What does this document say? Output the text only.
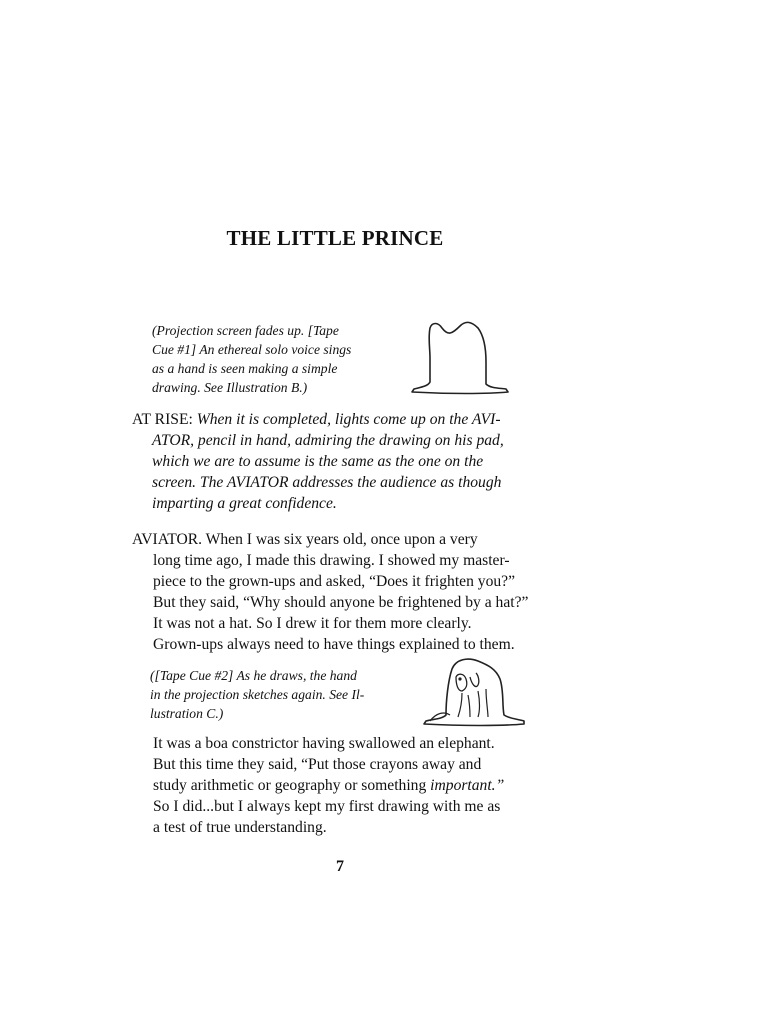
THE LITTLE PRINCE
(Projection screen fades up. [Tape
Cue #1] An ethereal solo voice sings
as a hand is seen making a simple
drawing. See Illustration B.)
AT RISE: When it is completed, lights come up on the AVI-
ATOR, pencil in hand, admiring the drawing on his pad,
which we are to assume is the same as the one on the
screen. The AVIATOR addresses the audience as though
imparting a great confidence.
AVIATOR. When I was six years old, once upon a very
long time ago, I made this drawing. I showed my master-
piece to the grown-ups and asked, “Does it frighten you?”
But they said, “Why should anyone be frightened by a hat?”
It was not a hat. So I drew it for them more clearly.
Grown-ups always need to have things explained to them.
([Tape Cue #2] As he draws, the hand
in the projection sketches again. See Il-
lustration C.)
It was a boa constrictor having swallowed an elephant.
But this time they said, “Put those crayons away and
study arithmetic or geography or something important.”
So I did...but I always kept my first drawing with me as
a test of true understanding.
7
